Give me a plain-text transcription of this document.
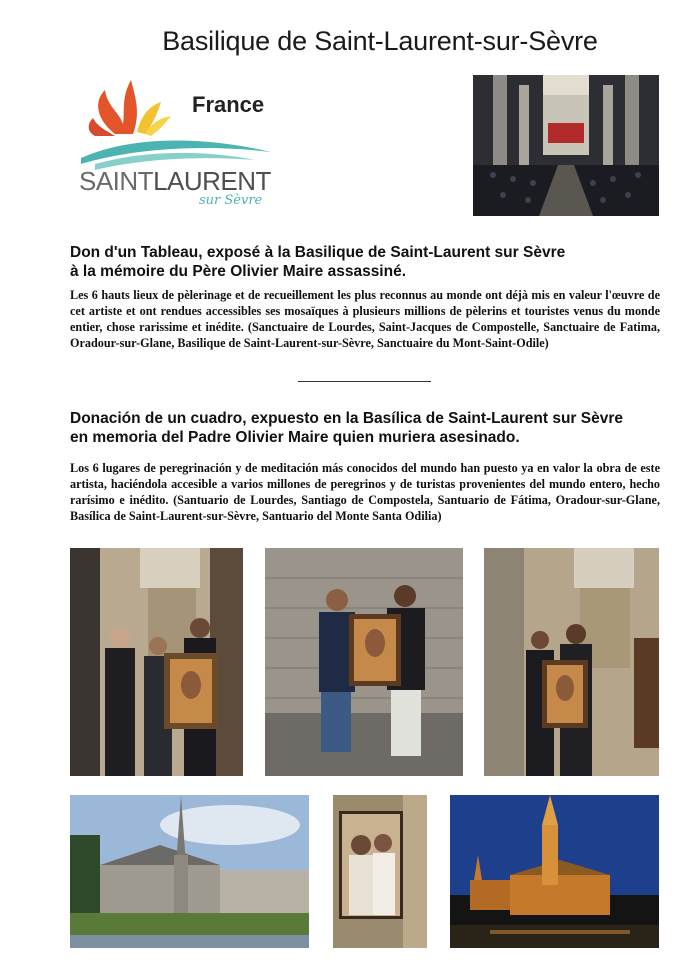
Basilique de Saint-Laurent-sur-Sèvre
France
SAINTLAURENT
sur Sèvre
Don d'un Tableau, exposé à la Basilique de Saint-Laurent sur Sèvre
à la mémoire du Père Olivier Maire assassiné.
Les 6 hauts lieux de pèlerinage et de recueillement les plus reconnus au monde ont déjà mis en valeur l'œuvre de cet artiste et ont rendues accessibles ses mosaïques à plusieurs millions de pèlerins et touristes venus du monde entier, chose rarissime et inédite. (Sanctuaire de Lourdes, Saint-Jacques de Compostelle, Sanctuaire de Fatima, Oradour-sur-Glane, Basilique de Saint-Laurent-sur-Sèvre, Sanctuaire du Mont-Saint-Odile)
Donación de un cuadro, expuesto en la Basílica de Saint-Laurent sur Sèvre
en memoria del Padre Olivier Maire quien muriera asesinado.
Los 6 lugares de peregrinación y de meditación más conocidos del mundo han puesto ya en valor la obra de este artista, haciéndola accesible a varios millones de peregrinos y de turistas provenientes del mundo entero, hecho rarísimo e inédito. (Santuario de Lourdes, Santiago de Compostela, Santuario de Fátima, Oradour-sur-Glane, Basílica de Saint-Laurent-sur-Sèvre, Santuario del Monte Santa Odilia)
